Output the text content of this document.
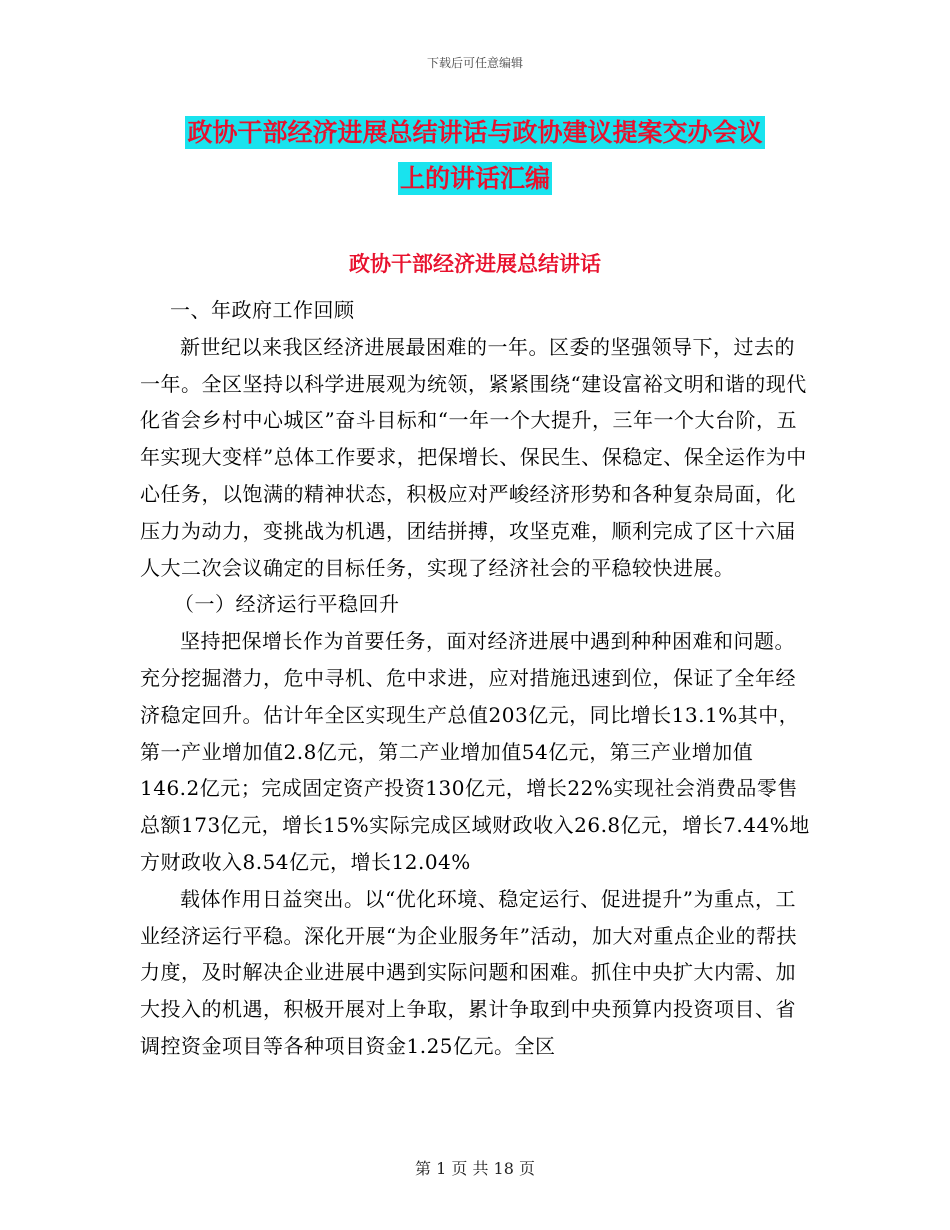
下载后可任意编辑
政协干部经济进展总结讲话与政协建议提案交办会议
上的讲话汇编
政协干部经济进展总结讲话

一、年政府工作回顾

新世纪以来我区经济进展最困难的一年。区委的坚强领导下，过去的一年。全区坚持以科学进展观为统领，紧紧围绕“建设富裕文明和谐的现代化省会乡村中心城区”奋斗目标和“一年一个大提升，三年一个大台阶，五年实现大变样”总体工作要求，把保增长、保民生、保稳定、保全运作为中心任务，以饱满的精神状态，积极应对严峻经济形势和各种复杂局面，化压力为动力，变挑战为机遇，团结拼搏，攻坚克难，顺利完成了区十六届人大二次会议确定的目标任务，实现了经济社会的平稳较快进展。

（一）经济运行平稳回升

坚持把保增长作为首要任务，面对经济进展中遇到种种困难和问题。充分挖掘潜力，危中寻机、危中求进，应对措施迅速到位，保证了全年经济稳定回升。估计年全区实现生产总值203亿元，同比增长13.1%其中，第一产业增加值2.8亿元，第二产业增加值54亿元，第三产业增加值146.2亿元；完成固定资产投资130亿元，增长22%实现社会消费品零售总额173亿元，增长15%实际完成区域财政收入26.8亿元，增长7.44%地方财政收入8.54亿元，增长12.04%

载体作用日益突出。以“优化环境、稳定运行、促进提升”为重点，工业经济运行平稳。深化开展“为企业服务年”活动，加大对重点企业的帮扶力度，及时解决企业进展中遇到实际问题和困难。抓住中央扩大内需、加大投入的机遇，积极开展对上争取，累计争取到中央预算内投资项目、省调控资金项目等各种项目资金1.25亿元。全区

第 1 页 共 18 页
